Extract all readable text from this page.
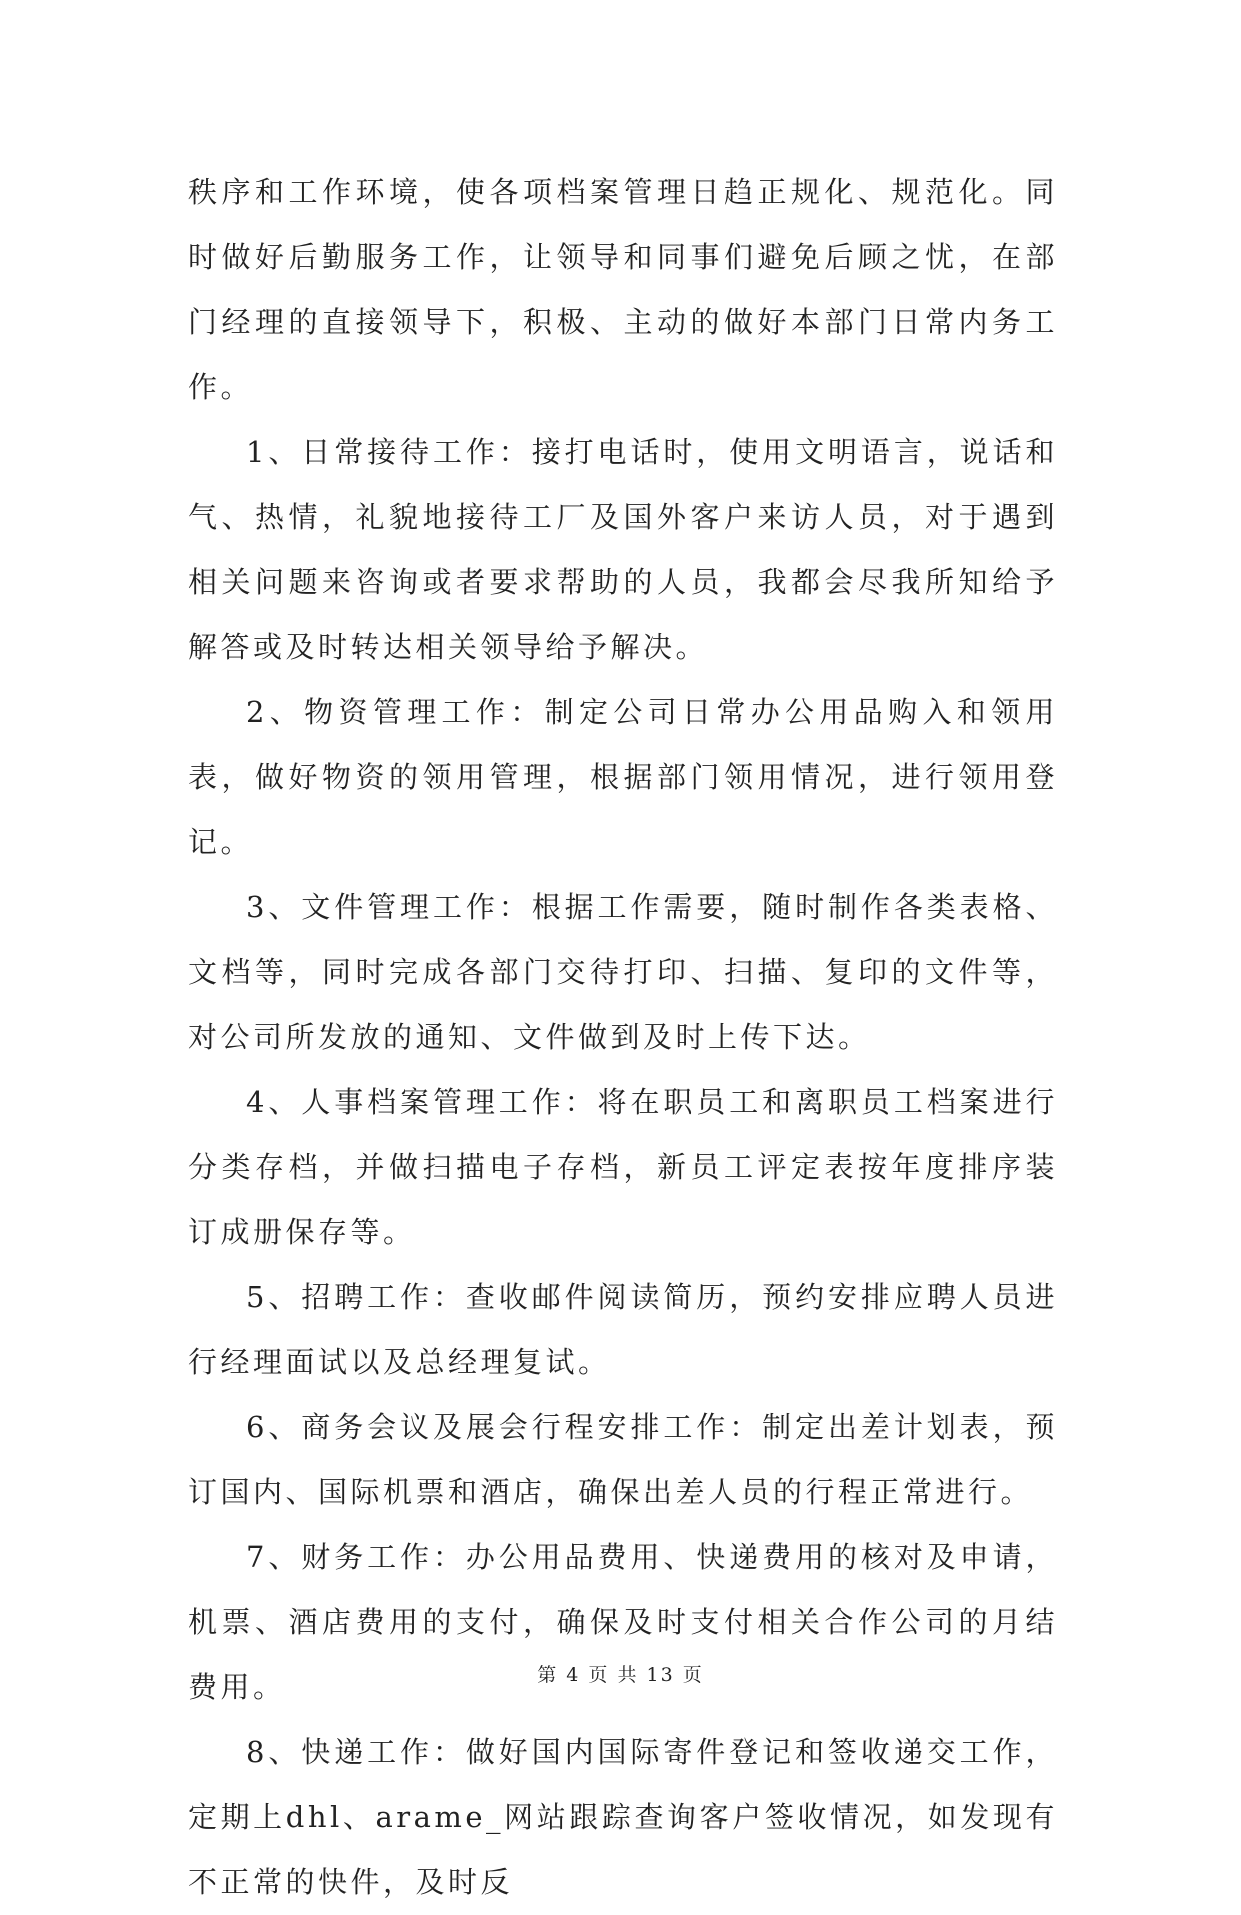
秩序和工作环境，使各项档案管理日趋正规化、规范化。同时做好后勤服务工作，让领导和同事们避免后顾之忧，在部门经理的直接领导下，积极、主动的做好本部门日常内务工作。

1、日常接待工作：接打电话时，使用文明语言，说话和气、热情，礼貌地接待工厂及国外客户来访人员，对于遇到相关问题来咨询或者要求帮助的人员，我都会尽我所知给予解答或及时转达相关领导给予解决。

2、物资管理工作：制定公司日常办公用品购入和领用表，做好物资的领用管理，根据部门领用情况，进行领用登记。

3、文件管理工作：根据工作需要，随时制作各类表格、文档等，同时完成各部门交待打印、扫描、复印的文件等，对公司所发放的通知、文件做到及时上传下达。

4、人事档案管理工作：将在职员工和离职员工档案进行分类存档，并做扫描电子存档，新员工评定表按年度排序装订成册保存等。

5、招聘工作：查收邮件阅读简历，预约安排应聘人员进行经理面试以及总经理复试。

6、商务会议及展会行程安排工作：制定出差计划表，预订国内、国际机票和酒店，确保出差人员的行程正常进行。

7、财务工作：办公用品费用、快递费用的核对及申请，机票、酒店费用的支付，确保及时支付相关合作公司的月结费用。

8、快递工作：做好国内国际寄件登记和签收递交工作，定期上dhl、arame_网站跟踪查询客户签收情况，如发现有不正常的快件，及时反

第 4 页 共 13 页
